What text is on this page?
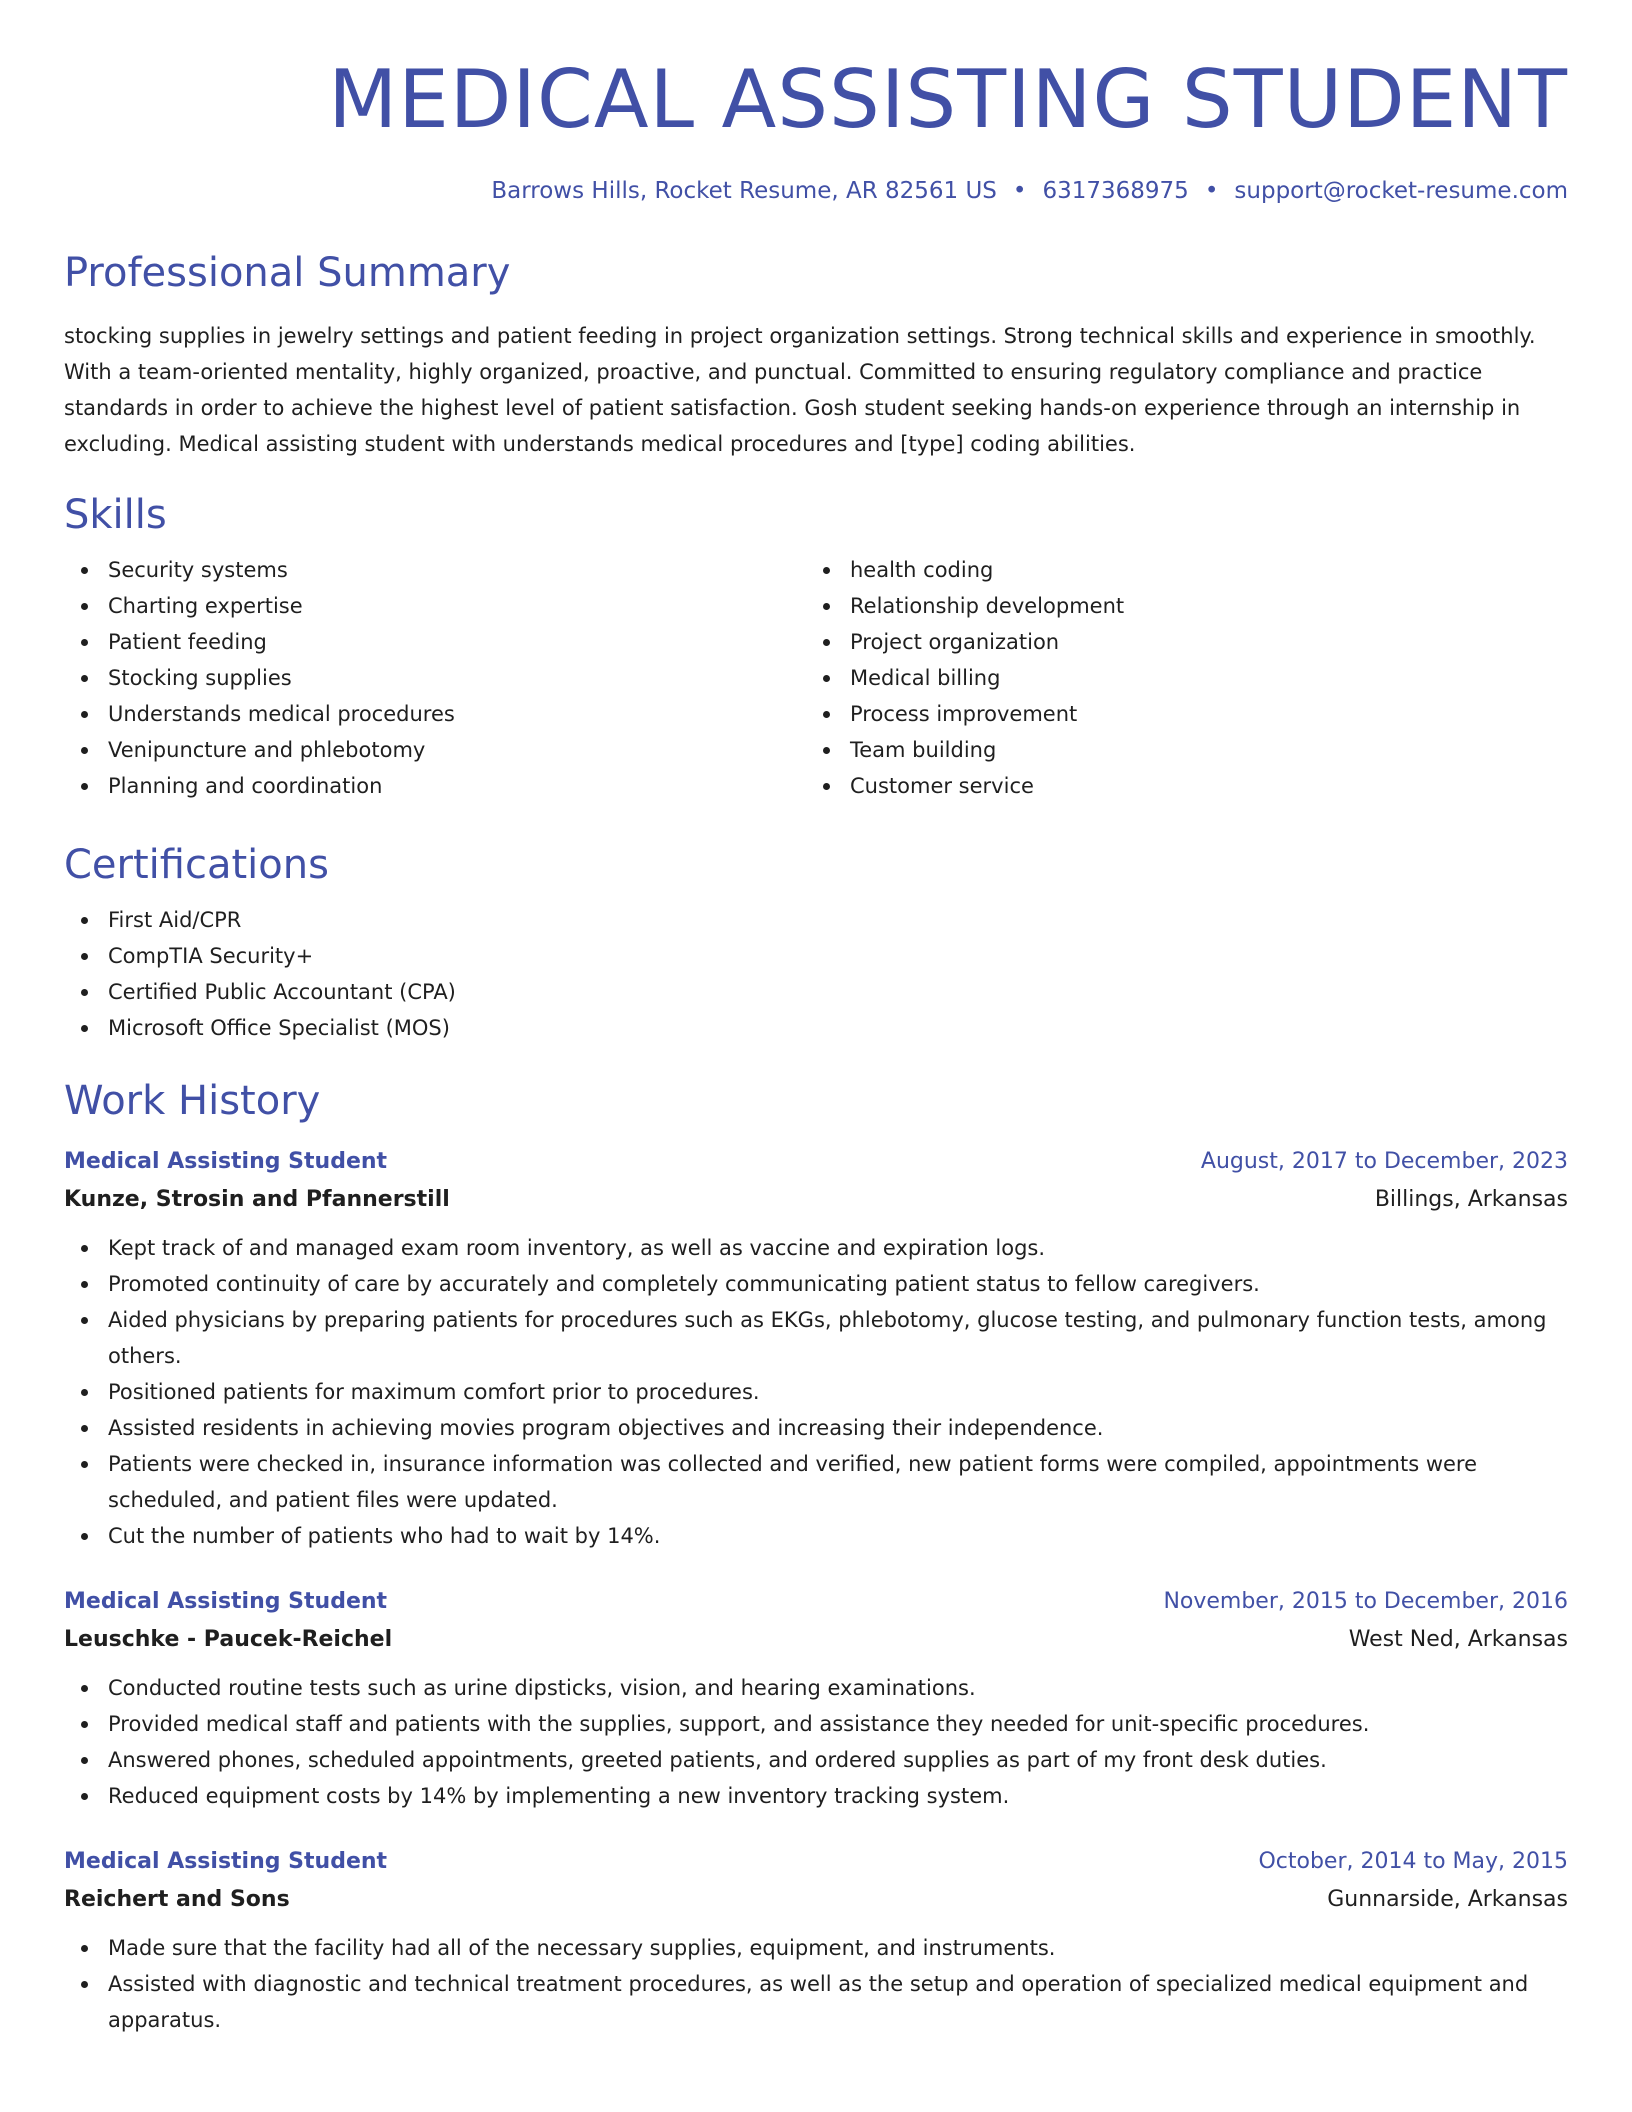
MEDICAL ASSISTING STUDENT
Barrows Hills, Rocket Resume, AR 82561 US • 6317368975 • support@rocket-resume.com
Professional Summary
stocking supplies in jewelry settings and patient feeding in project organization settings. Strong technical skills and experience in smoothly. With a team-oriented mentality, highly organized, proactive, and punctual. Committed to ensuring regulatory compliance and practice standards in order to achieve the highest level of patient satisfaction. Gosh student seeking hands-on experience through an internship in excluding. Medical assisting student with understands medical procedures and [type] coding abilities.
Skills
Security systems
Charting expertise
Patient feeding
Stocking supplies
Understands medical procedures
Venipuncture and phlebotomy
Planning and coordination
health coding
Relationship development
Project organization
Medical billing
Process improvement
Team building
Customer service
Certifications
First Aid/CPR
CompTIA Security+
Certified Public Accountant (CPA)
Microsoft Office Specialist (MOS)
Work History
Medical Assisting Student	August, 2017 to December, 2023
Kunze, Strosin and Pfannerstill	Billings, Arkansas
Kept track of and managed exam room inventory, as well as vaccine and expiration logs.
Promoted continuity of care by accurately and completely communicating patient status to fellow caregivers.
Aided physicians by preparing patients for procedures such as EKGs, phlebotomy, glucose testing, and pulmonary function tests, among others.
Positioned patients for maximum comfort prior to procedures.
Assisted residents in achieving movies program objectives and increasing their independence.
Patients were checked in, insurance information was collected and verified, new patient forms were compiled, appointments were scheduled, and patient files were updated.
Cut the number of patients who had to wait by 14%.
Medical Assisting Student	November, 2015 to December, 2016
Leuschke - Paucek-Reichel	West Ned, Arkansas
Conducted routine tests such as urine dipsticks, vision, and hearing examinations.
Provided medical staff and patients with the supplies, support, and assistance they needed for unit-specific procedures.
Answered phones, scheduled appointments, greeted patients, and ordered supplies as part of my front desk duties.
Reduced equipment costs by 14% by implementing a new inventory tracking system.
Medical Assisting Student	October, 2014 to May, 2015
Reichert and Sons	Gunnarside, Arkansas
Made sure that the facility had all of the necessary supplies, equipment, and instruments.
Assisted with diagnostic and technical treatment procedures, as well as the setup and operation of specialized medical equipment and apparatus.
